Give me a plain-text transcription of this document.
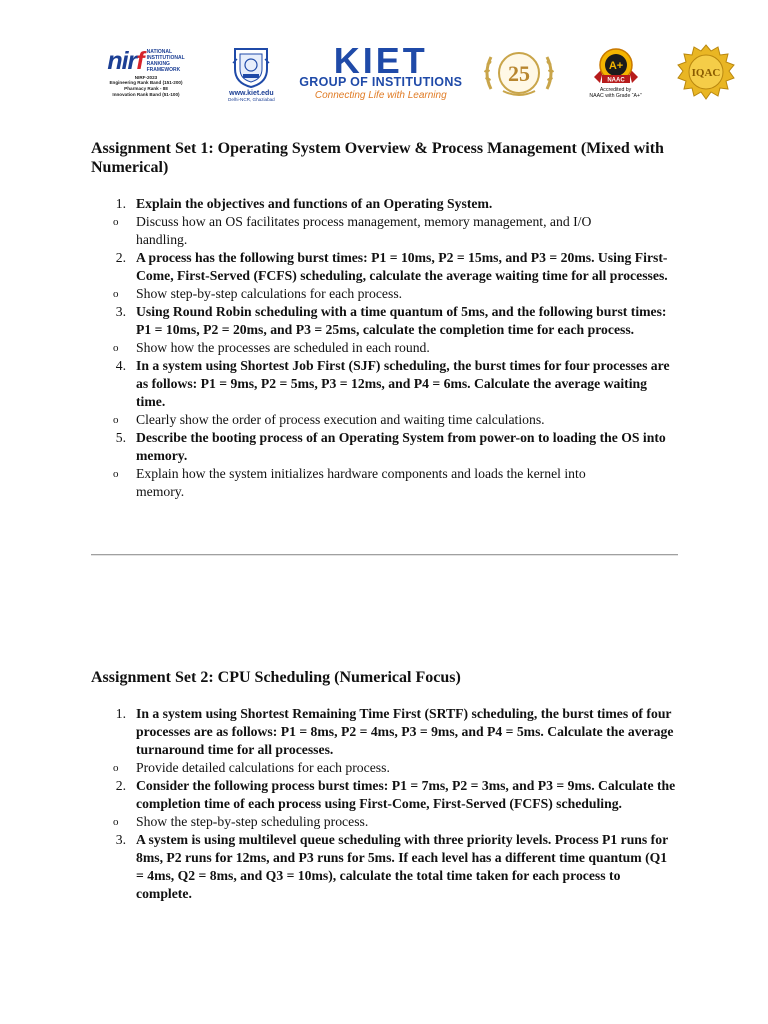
nirf NATIONAL
INSTITUTIONAL
RANKING
FRAMEWORK
NIRF-2023
Engineering Rank Band (151-200)
Pharmacy Rank - 88
Innovation Rank Band (51-100)	www.kiet.edu
Delhi-NCR, Ghaziabad
KIET
GROUP OF INSTITUTIONS
Connecting Life with Learning
25	A+
NAAC
Accredited by
NAAC with Grade “A+”
IQAC
Assignment Set 1: Operating System Overview & Process Management (Mixed with Numerical)
1. Explain the objectives and functions of an Operating System.
o	Discuss how an OS facilitates process management, memory management, and I/O handling.
2. A process has the following burst times: P1 = 10ms, P2 = 15ms, and P3 = 20ms. Using First-Come, First-Served (FCFS) scheduling, calculate the average waiting time for all processes.
o	Show step-by-step calculations for each process.
3. Using Round Robin scheduling with a time quantum of 5ms, and the following burst times: P1 = 10ms, P2 = 20ms, and P3 = 25ms, calculate the completion time for each process.
o	Show how the processes are scheduled in each round.
4. In a system using Shortest Job First (SJF) scheduling, the burst times for four processes are as follows: P1 = 9ms, P2 = 5ms, P3 = 12ms, and P4 = 6ms. Calculate the average waiting time.
o	Clearly show the order of process execution and waiting time calculations.
5. Describe the booting process of an Operating System from power-on to loading the OS into memory.
o	Explain how the system initializes hardware components and loads the kernel into memory.
Assignment Set 2: CPU Scheduling (Numerical Focus)
1. In a system using Shortest Remaining Time First (SRTF) scheduling, the burst times of four processes are as follows: P1 = 8ms, P2 = 4ms, P3 = 9ms, and P4 = 5ms. Calculate the average turnaround time for all processes.
o	Provide detailed calculations for each process.
2. Consider the following process burst times: P1 = 7ms, P2 = 3ms, and P3 = 9ms. Calculate the completion time of each process using First-Come, First-Served (FCFS) scheduling.
o	Show the step-by-step scheduling process.
3. A system is using multilevel queue scheduling with three priority levels. Process P1 runs for 8ms, P2 runs for 12ms, and P3 runs for 5ms. If each level has a different time quantum (Q1 = 4ms, Q2 = 8ms, and Q3 = 10ms), calculate the total time taken for each process to complete.
